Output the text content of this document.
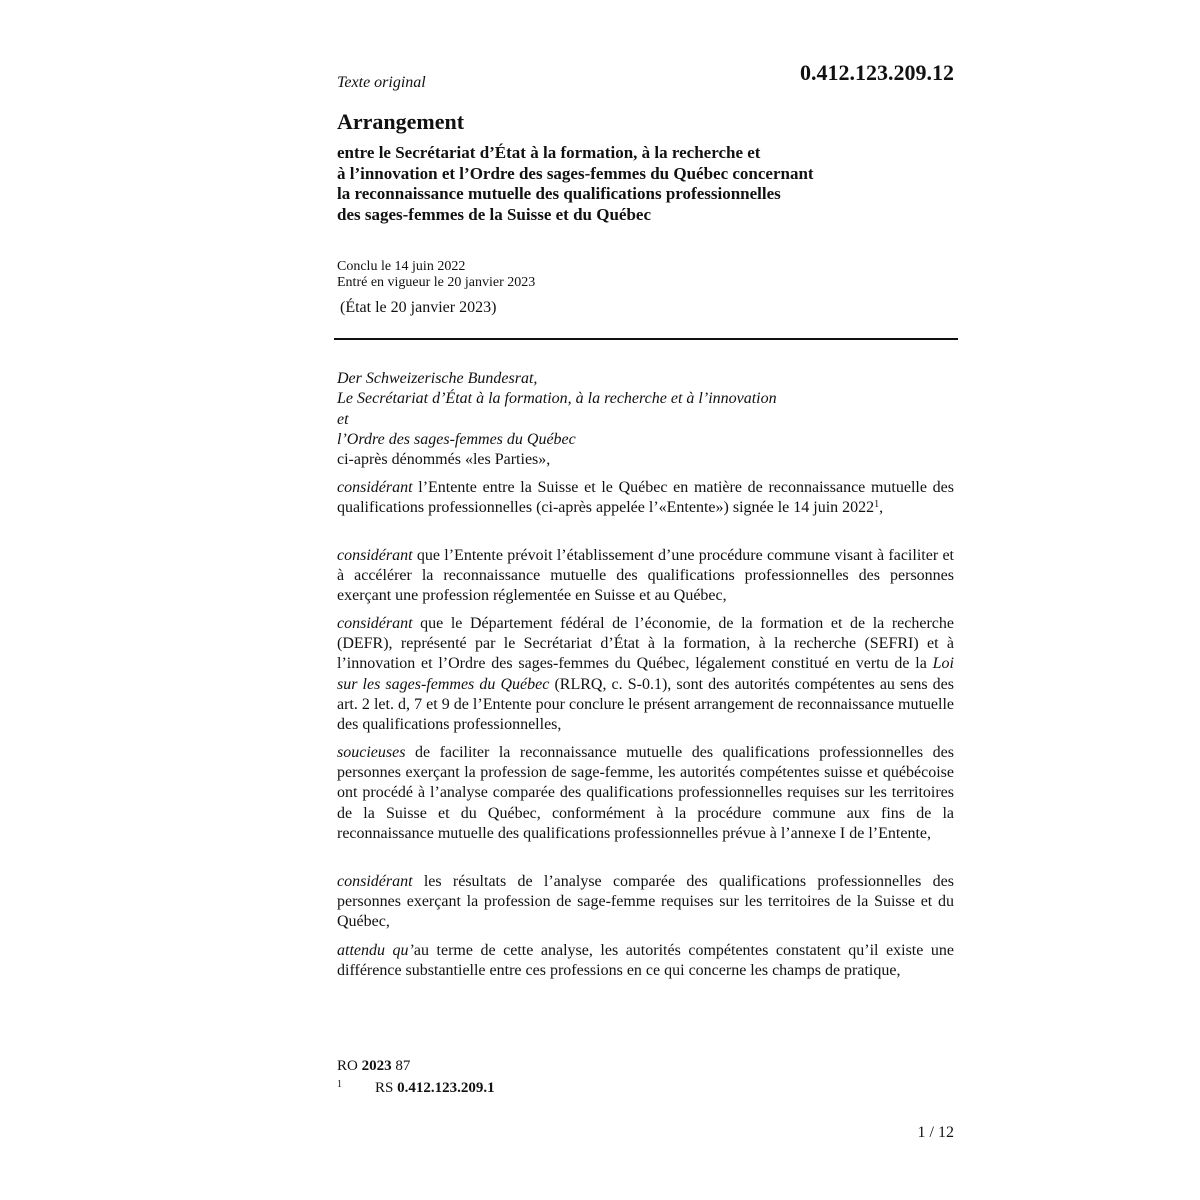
Texte original	0.412.123.209.12
Arrangement
entre le Secrétariat d’État à la formation, à la recherche et
à l’innovation et l’Ordre des sages-femmes du Québec concernant
la reconnaissance mutuelle des qualifications professionnelles
des sages-femmes de la Suisse et du Québec
Conclu le 14 juin 2022
Entré en vigueur le 20 janvier 2023
(État le 20 janvier 2023)
Der Schweizerische Bundesrat,
Le Secrétariat d’État à la formation, à la recherche et à l’innovation
et
l’Ordre des sages-femmes du Québec
ci-après dénommés «les Parties»,
considérant l’Entente entre la Suisse et le Québec en matière de reconnaissance mutuelle des qualifications professionnelles (ci-après appelée l’«Entente») signée le 14 juin 2022$^1$,
considérant que l’Entente prévoit l’établissement d’une procédure commune visant à faciliter et à accélérer la reconnaissance mutuelle des qualifications professionnelles des personnes exerçant une profession réglementée en Suisse et au Québec,
considérant que le Département fédéral de l’économie, de la formation et de la recherche (DEFR), représenté par le Secrétariat d’État à la formation, à la recherche (SEFRI) et à l’innovation et l’Ordre des sages-femmes du Québec, légalement constitué en vertu de la Loi sur les sages-femmes du Québec (RLRQ, c. S-0.1), sont des autorités compétentes au sens des art. 2 let. d, 7 et 9 de l’Entente pour conclure le présent arrangement de reconnaissance mutuelle des qualifications professionnelles,
soucieuses de faciliter la reconnaissance mutuelle des qualifications professionnelles des personnes exerçant la profession de sage-femme, les autorités compétentes suisse et québécoise ont procédé à l’analyse comparée des qualifications professionnelles requises sur les territoires de la Suisse et du Québec, conformément à la procédure commune aux fins de la reconnaissance mutuelle des qualifications professionnelles prévue à l’annexe I de l’Entente,
considérant les résultats de l’analyse comparée des qualifications professionnelles des personnes exerçant la profession de sage-femme requises sur les territoires de la Suisse et du Québec,
attendu qu’au terme de cette analyse, les autorités compétentes constatent qu’il existe une différence substantielle entre ces professions en ce qui concerne les champs de pratique,
RO 2023 87
1 RS 0.412.123.209.1
1 / 12
